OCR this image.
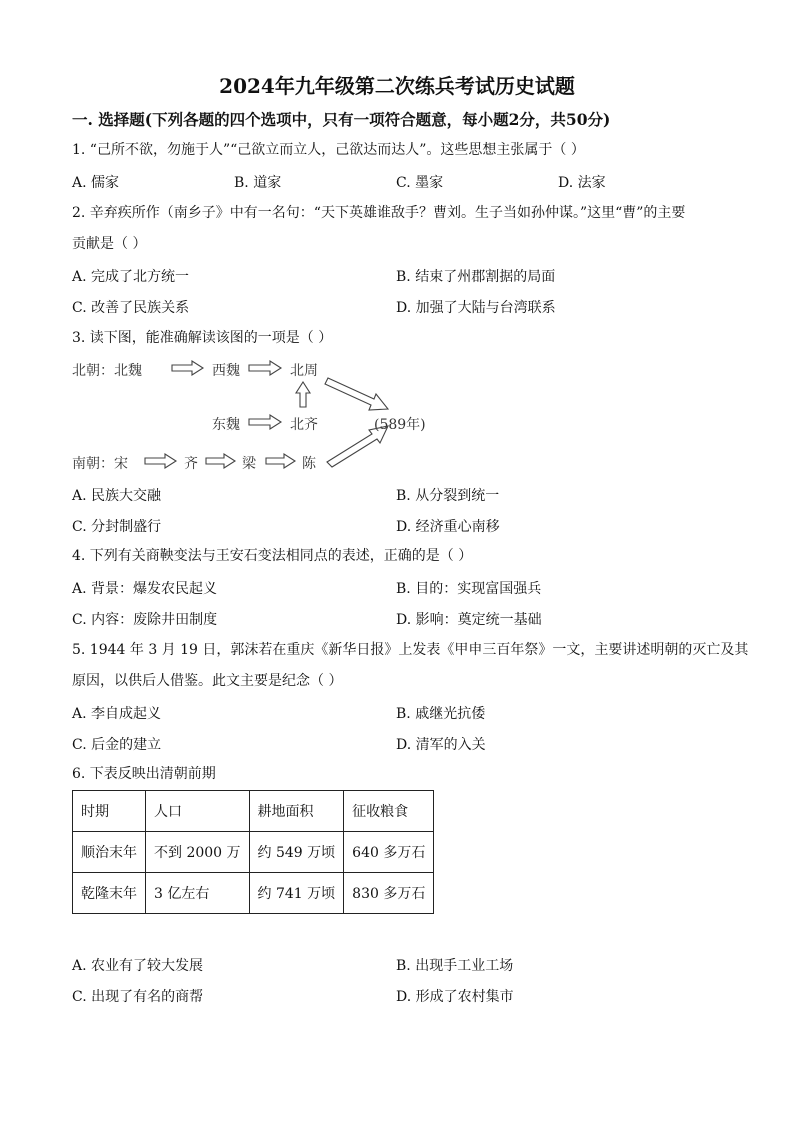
2024年九年级第二次练兵考试历史试题
一. 选择题(下列各题的四个选项中，只有一项符合题意，每小题2分，共50分)
1. “己所不欲，勿施于人”“己欲立而立人，己欲达而达人”。这些思想主张属于（ ）
A. 儒家	B. 道家	C. 墨家	D. 法家
2. 辛弃疾所作（南乡子》中有一名句：“天下英雄谁敌手？曹刘。生子当如孙仲谋。”这里“曹”的主要
贡献是（ ）
A. 完成了北方统一	B. 结束了州郡割据的局面
C. 改善了民族关系	D. 加强了大陆与台湾联系
3. 读下图，能准确解读该图的一项是（ ）
北朝：北魏	西魏	北周
东魏	北齐	(589年)
南朝：宋	齐	梁	陈
A. 民族大交融	B. 从分裂到统一
C. 分封制盛行	D. 经济重心南移
4. 下列有关商鞅变法与王安石变法相同点的表述，正确的是（ ）
A. 背景：爆发农民起义	B. 目的：实现富国强兵
C. 内容：废除井田制度	D. 影响：奠定统一基础
5. 1944 年 3 月 19 日，郭沫若在重庆《新华日报》上发表《甲申三百年祭》一文，主要讲述明朝的灭亡及其
原因，以供后人借鉴。此文主要是纪念（ ）
A. 李自成起义	B. 戚继光抗倭
C. 后金的建立	D. 清军的入关
6. 下表反映出清朝前期
时期	人口	耕地面积	征收粮食
顺治末年	不到 2000 万	约 549 万顷	640 多万石
乾隆末年	3 亿左右	约 741 万顷	830 多万石
A. 农业有了较大发展	B. 出现手工业工场
C. 出现了有名的商帮	D. 形成了农村集市
